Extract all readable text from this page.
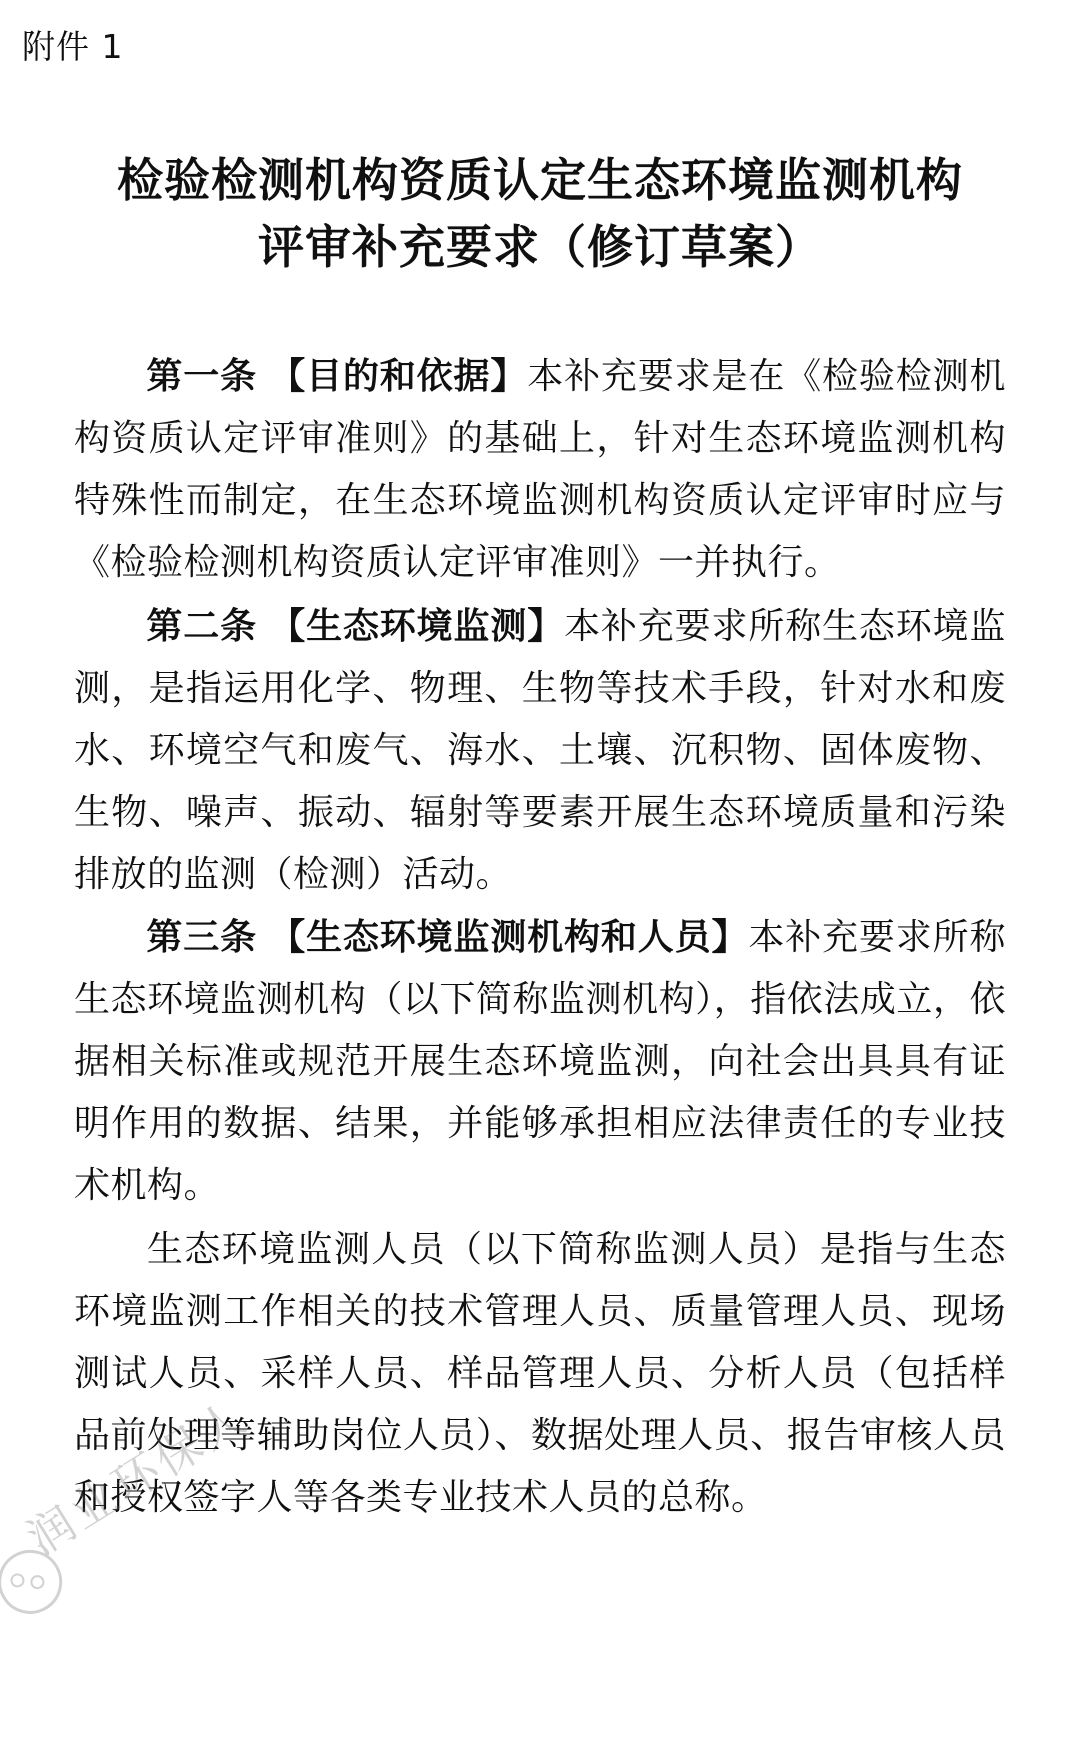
附件 1
检验检测机构资质认定生态环境监测机构
评审补充要求（修订草案）

第一条 【目的和依据】本补充要求是在《检验检测机构资质认定评审准则》的基础上，针对生态环境监测机构特殊性而制定，在生态环境监测机构资质认定评审时应与《检验检测机构资质认定评审准则》一并执行。

第二条 【生态环境监测】本补充要求所称生态环境监测，是指运用化学、物理、生物等技术手段，针对水和废水、环境空气和废气、海水、土壤、沉积物、固体废物、生物、噪声、振动、辐射等要素开展生态环境质量和污染排放的监测（检测）活动。

第三条 【生态环境监测机构和人员】本补充要求所称生态环境监测机构（以下简称监测机构），指依法成立，依据相关标准或规范开展生态环境监测，向社会出具具有证明作用的数据、结果，并能够承担相应法律责任的专业技术机构。

生态环境监测人员（以下简称监测人员）是指与生态环境监测工作相关的技术管理人员、质量管理人员、现场测试人员、采样人员、样品管理人员、分析人员（包括样品前处理等辅助岗位人员）、数据处理人员、报告审核人员和授权签字人等各类专业技术人员的总称。

润业环保人
